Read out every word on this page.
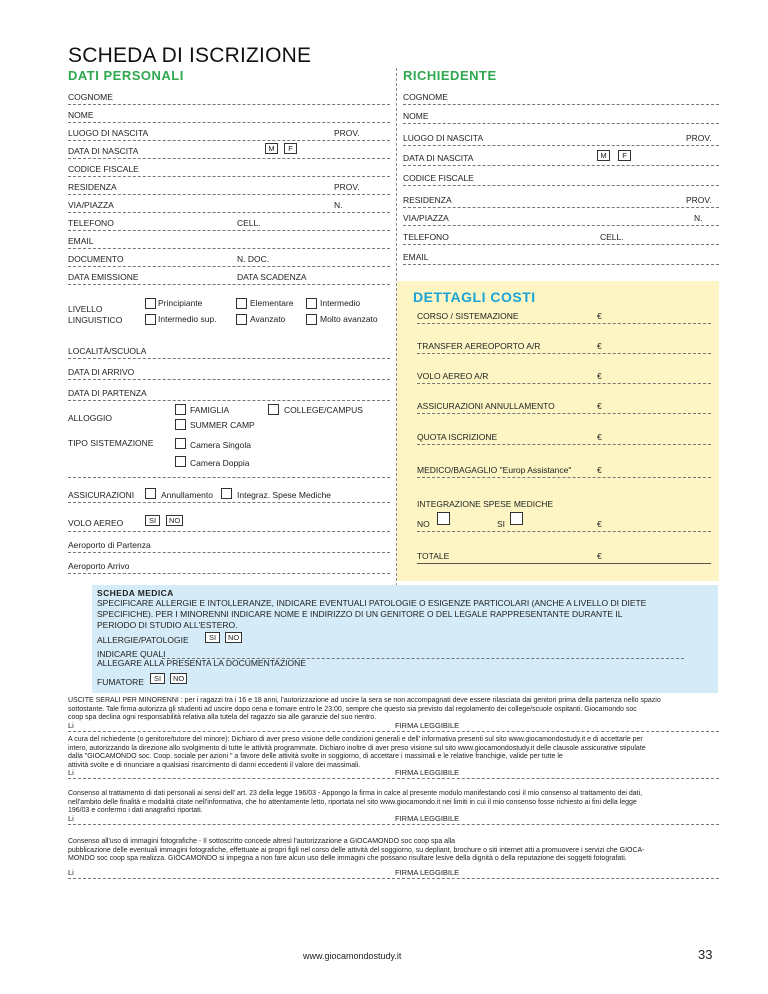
SCHEDA DI ISCRIZIONE
DATI PERSONALI	RICHIEDENTE
COGNOME
NOME
LUOGO DI NASCITA	PROV.
DATA DI NASCITA	M	F
CODICE FISCALE
RESIDENZA	PROV.
VIA/PIAZZA	N.
TELEFONO	CELL.
EMAIL
DOCUMENTO	N. DOC.
DATA EMISSIONE	DATA SCADENZA
LIVELLO
LINGUISTICO
Principiante	Elementare	Intermedio
Intermedio sup.	Avanzato	Molto avanzato
LOCALITÀ/SCUOLA
DATA DI ARRIVO
DATA DI PARTENZA
ALLOGGIO
FAMIGLIA	COLLEGE/CAMPUS
SUMMER CAMP
TIPO SISTEMAZIONE	Camera Singola
Camera Doppia
ASSICURAZIONI	Annullamento	Integraz. Spese Mediche
VOLO AEREO	SI	NO
Aeroporto di Partenza
Aeroporto Arrivo
COGNOME
NOME
LUOGO DI NASCITA	PROV.
DATA DI NASCITA	M	F
CODICE FISCALE
RESIDENZA	PROV.
VIA/PIAZZA	N.
TELEFONO	CELL.
EMAIL
DETTAGLI COSTI
CORSO / SISTEMAZIONE	€
TRANSFER AEREOPORTO A/R	€
VOLO AEREO A/R	€
ASSICURAZIONI ANNULLAMENTO	€
QUOTA ISCRIZIONE	€
MEDICO/BAGAGLIO "Europ Assistance"	€
INTEGRAZIONE SPESE MEDICHE
NO	SI	€
TOTALE	€
SCHEDA MEDICA
SPECIFICARE ALLERGIE E INTOLLERANZE, INDICARE EVENTUALI PATOLOGIE O ESIGENZE PARTICOLARI (ANCHE A LIVELLO DI DIETE
SPECIFICHE). PER I MINORENNI INDICARE NOME E INDIRIZZO DI UN GENITORE O DEL LEGALE RAPPRESENTANTE DURANTE IL
PERIODO DI STUDIO ALL'ESTERO.
ALLERGIE/PATOLOGIE	SI	NO
INDICARE QUALI
ALLEGARE ALLA PRESENTA LA DOCUMENTAZIONE
FUMATORE	SI	NO
USCITE SERALI PER MINORENNI : per i ragazzi tra i 16 e 18 anni, l'autorizzazione ad uscire la sera se non accompagnati deve essere rilasciata dai genitori prima della partenza nello spazio
sottostante. Tale firma autorizza gli studenti ad uscire dopo cena e tornare entro le 23:00, sempre che questo sia previsto dal regolamento dei college/scuole ospitanti. Giocamondo soc
coop spa declina ogni responsabilità relativa alla tutela del ragazzo sia alle garanzie del suo rientro.
Li	FIRMA LEGGIBILE
A cura del richiedente (o genitore/tutore del minore): Dichiaro di aver preso visione delle condizioni generali e dell' informativa presenti sul sito www.giocamondostudy.it e di accettarle per
intero, autorizzando la direzione allo svolgimento di tutte le attività programmate. Dichiaro inoltre di aver preso visione sul sito www.giocamondostudy.it delle clausole assicurative stipulate
dalla "GIOCAMONDO soc. Coop. sociale per azioni " a favore delle attività svolte in soggiorno, di accettare i massimali e le relative franchigie, valide per tutte le
attività svolte e di rinunciare a qualsiasi risarcimento di danni eccedenti il valore dei massimali.
Li	FIRMA LEGGIBILE
Consenso al trattamento di dati personali ai sensi dell' art. 23 della legge 196/03 - Appongo la firma in calce al presente modulo manifestando così il mio consenso al trattamento dei dati,
nell'ambito delle finalità e modalità citate nell'informativa, che ho attentamente letto, riportata nel sito www.giocamondo.it nei limiti in cui il mio consenso fosse richiesto ai fini della legge
196/03 e confermo i dati anagrafici riportati.
Li	FIRMA LEGGIBILE
Consenso all'uso di immagini fotografiche - Il sottoscritto concede altresì l'autorizzazione a GIOCAMONDO soc coop spa alla
pubblicazione delle eventuali immagini fotografiche, effettuate ai propri figli nel corso delle attività del soggiorno, su depliant, brochure o siti internet atti a promuovere i servizi che GIOCA-
MONDO soc coop spa realizza. GIOCAMONDO si impegna a non fare alcun uso delle immagini che possano risultare lesive della dignità o della reputazione dei soggetti fotografati.
Li	FIRMA LEGGIBILE
www.giocamondostudy.it	33
